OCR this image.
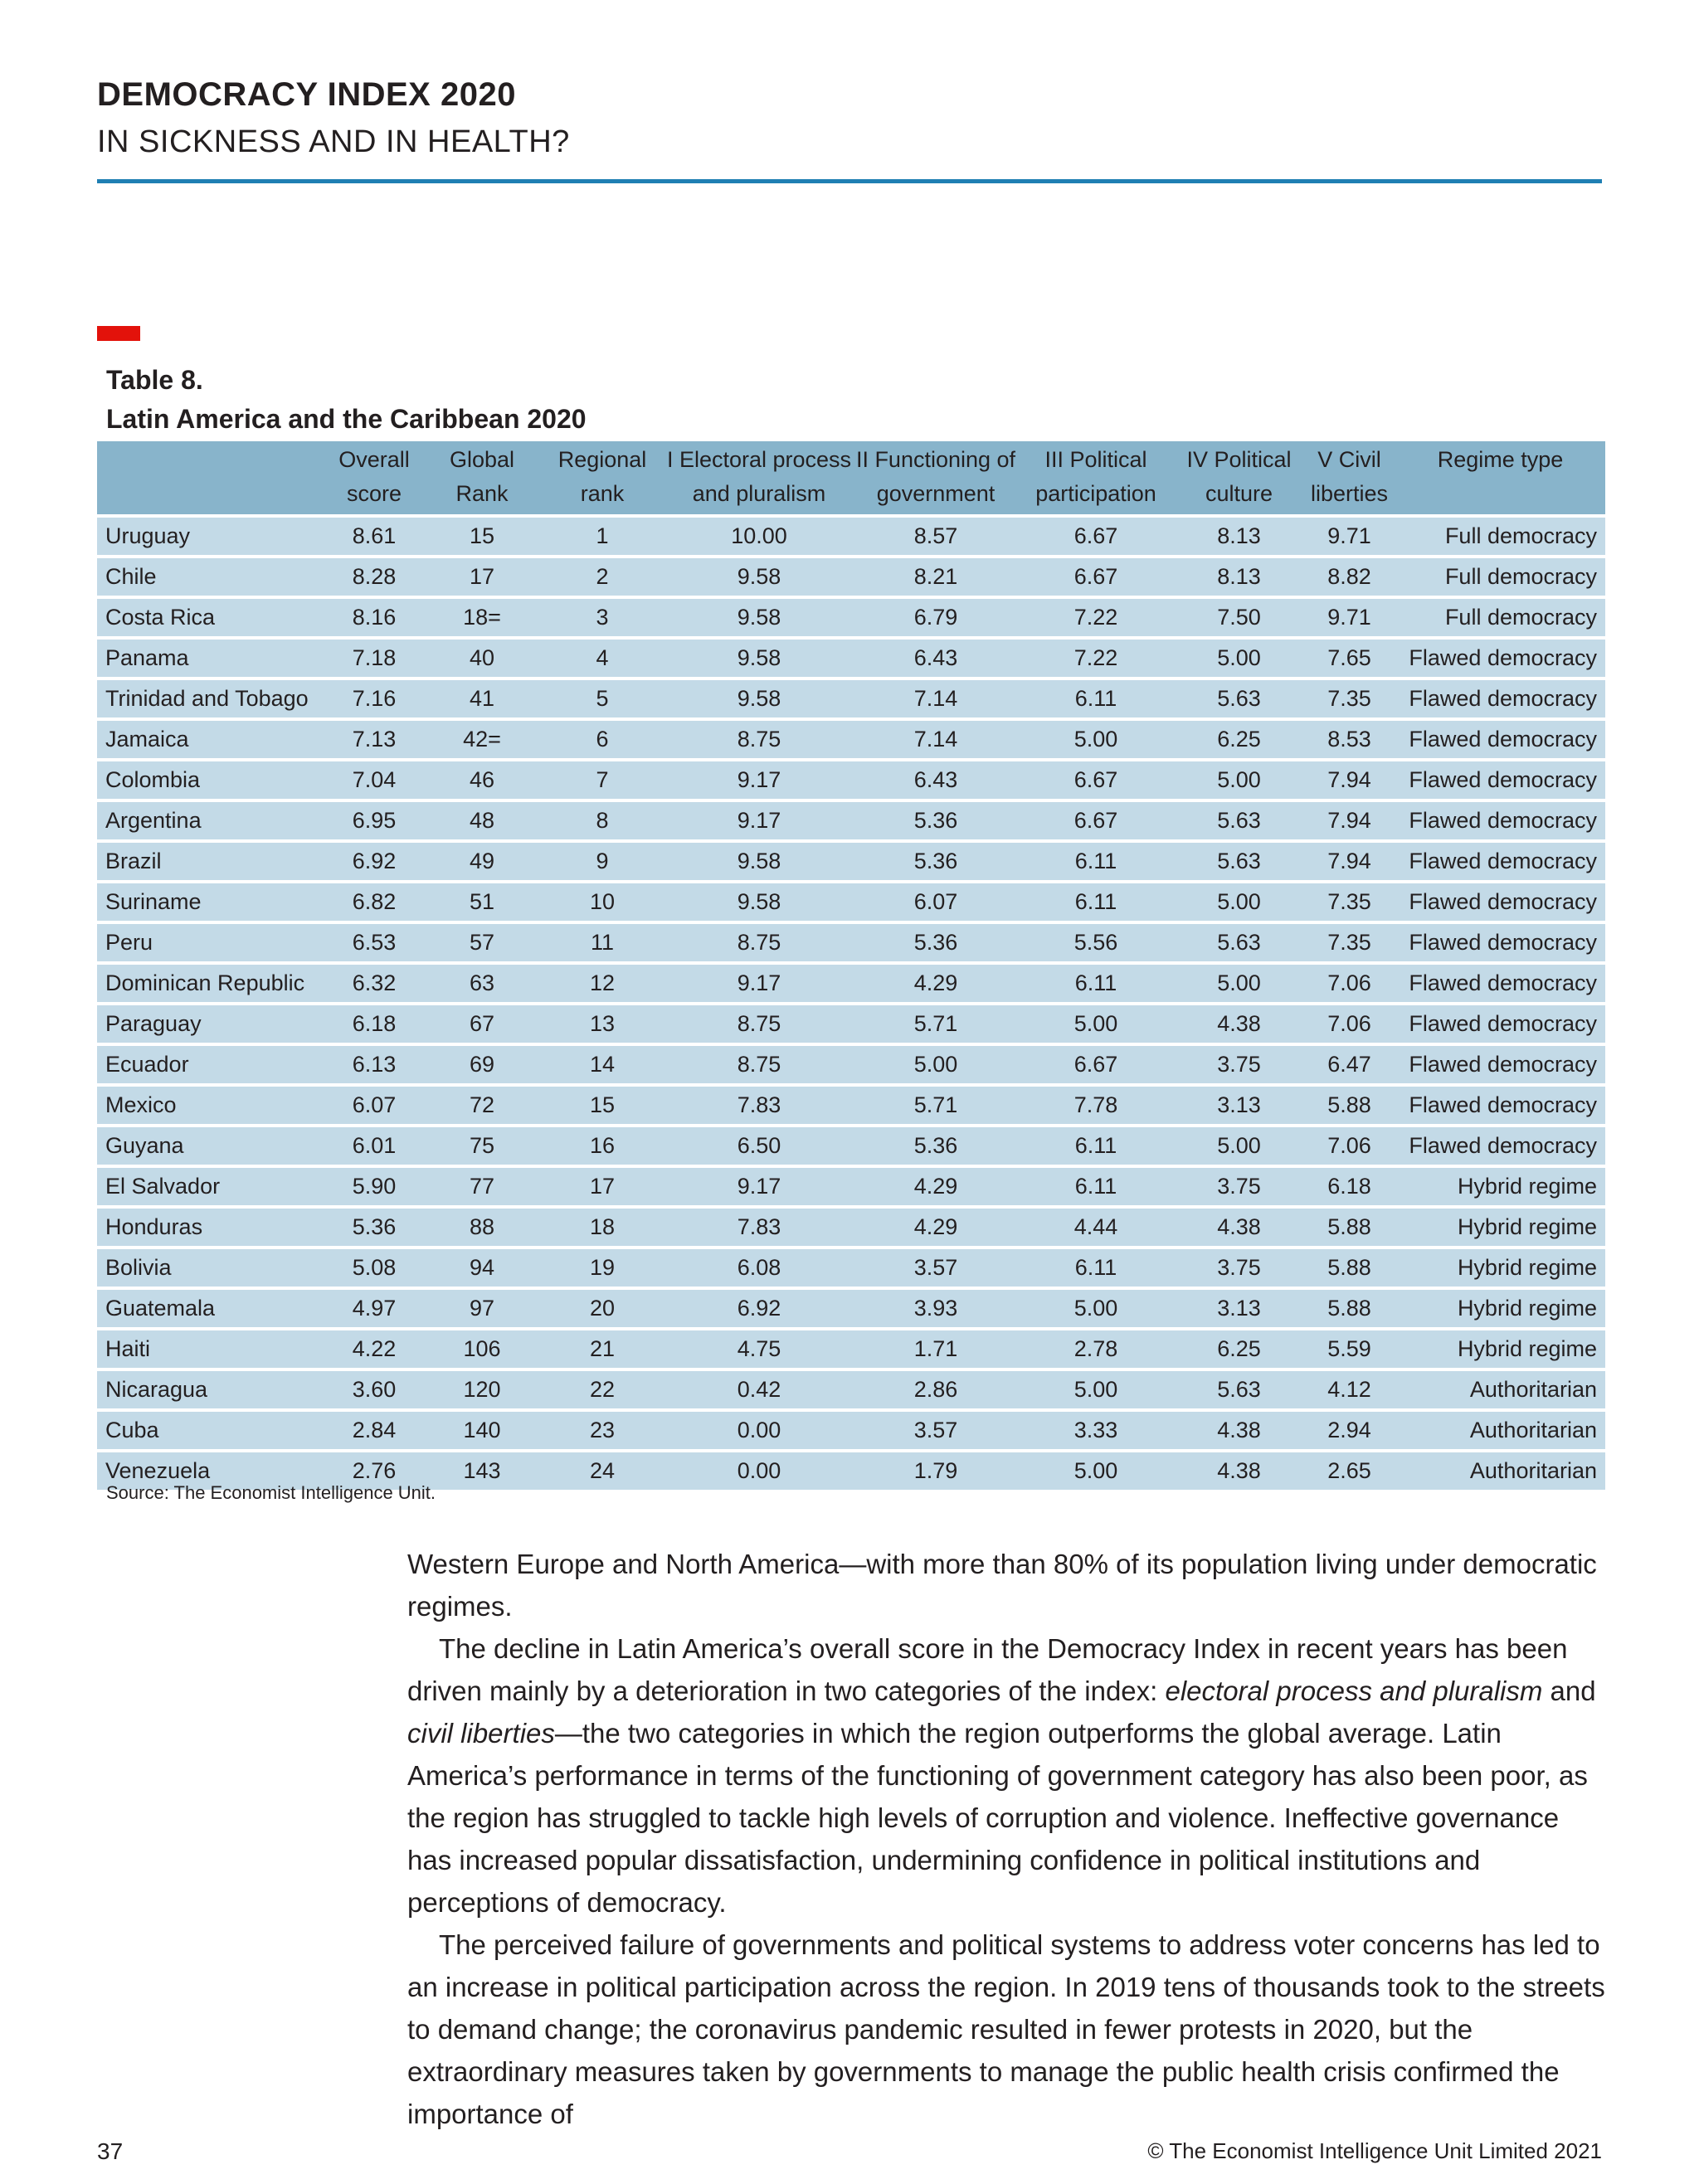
DEMOCRACY INDEX 2020
IN SICKNESS AND IN HEALTH?
Table 8.
Latin America and the Caribbean 2020
	Overall score	Global Rank	Regional rank	I Electoral process and pluralism	II Functioning of government	III Political participation	IV Political culture	V Civil liberties	Regime type
Uruguay	8.61	15	1	10.00	8.57	6.67	8.13	9.71	Full democracy
Chile	8.28	17	2	9.58	8.21	6.67	8.13	8.82	Full democracy
Costa Rica	8.16	18=	3	9.58	6.79	7.22	7.50	9.71	Full democracy
Panama	7.18	40	4	9.58	6.43	7.22	5.00	7.65	Flawed democracy
Trinidad and Tobago	7.16	41	5	9.58	7.14	6.11	5.63	7.35	Flawed democracy
Jamaica	7.13	42=	6	8.75	7.14	5.00	6.25	8.53	Flawed democracy
Colombia	7.04	46	7	9.17	6.43	6.67	5.00	7.94	Flawed democracy
Argentina	6.95	48	8	9.17	5.36	6.67	5.63	7.94	Flawed democracy
Brazil	6.92	49	9	9.58	5.36	6.11	5.63	7.94	Flawed democracy
Suriname	6.82	51	10	9.58	6.07	6.11	5.00	7.35	Flawed democracy
Peru	6.53	57	11	8.75	5.36	5.56	5.63	7.35	Flawed democracy
Dominican Republic	6.32	63	12	9.17	4.29	6.11	5.00	7.06	Flawed democracy
Paraguay	6.18	67	13	8.75	5.71	5.00	4.38	7.06	Flawed democracy
Ecuador	6.13	69	14	8.75	5.00	6.67	3.75	6.47	Flawed democracy
Mexico	6.07	72	15	7.83	5.71	7.78	3.13	5.88	Flawed democracy
Guyana	6.01	75	16	6.50	5.36	6.11	5.00	7.06	Flawed democracy
El Salvador	5.90	77	17	9.17	4.29	6.11	3.75	6.18	Hybrid regime
Honduras	5.36	88	18	7.83	4.29	4.44	4.38	5.88	Hybrid regime
Bolivia	5.08	94	19	6.08	3.57	6.11	3.75	5.88	Hybrid regime
Guatemala	4.97	97	20	6.92	3.93	5.00	3.13	5.88	Hybrid regime
Haiti	4.22	106	21	4.75	1.71	2.78	6.25	5.59	Hybrid regime
Nicaragua	3.60	120	22	0.42	2.86	5.00	5.63	4.12	Authoritarian
Cuba	2.84	140	23	0.00	3.57	3.33	4.38	2.94	Authoritarian
Venezuela	2.76	143	24	0.00	1.79	5.00	4.38	2.65	Authoritarian
Source: The Economist Intelligence Unit.

Western Europe and North America—with more than 80% of its population living under democratic regimes.

The decline in Latin America’s overall score in the Democracy Index in recent years has been driven mainly by a deterioration in two categories of the index: electoral process and pluralism and civil liberties—the two categories in which the region outperforms the global average. Latin America’s performance in terms of the functioning of government category has also been poor, as the region has struggled to tackle high levels of corruption and violence. Ineffective governance has increased popular dissatisfaction, undermining confidence in political institutions and perceptions of democracy.

The perceived failure of governments and political systems to address voter concerns has led to an increase in political participation across the region. In 2019 tens of thousands took to the streets to demand change; the coronavirus pandemic resulted in fewer protests in 2020, but the extraordinary measures taken by governments to manage the public health crisis confirmed the importance of

37	© The Economist Intelligence Unit Limited 2021
